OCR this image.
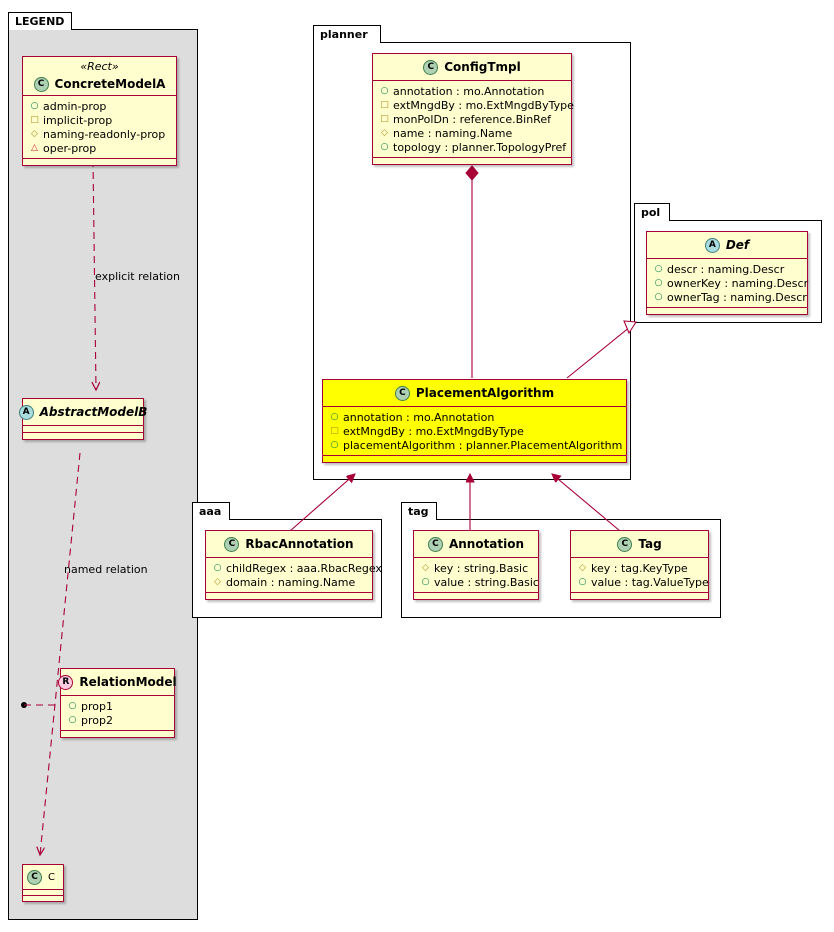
LEGEND
planner
pol
aaa	tag
explicit relation
named relation
«Rect»
C ConcreteModelA
○
admin-prop
□
implicit-prop
◇
naming-readonly-prop
△
oper-prop
A AbstractModelB
R RelationModel
○
prop1
○
prop2
C	C
C ConfigTmpl
○
annotation : mo.Annotation
□
extMngdBy : mo.ExtMngdByType
□
monPolDn : reference.BinRef
◇
name : naming.Name
○
topology : planner.TopologyPref
C PlacementAlgorithm
○
annotation : mo.Annotation
□
extMngdBy : mo.ExtMngdByType
○
placementAlgorithm : planner.PlacementAlgorithm
A Def
○
descr : naming.Descr
○
ownerKey : naming.Descr
○
ownerTag : naming.Descr
C RbacAnnotation
○
childRegex : aaa.RbacRegex
◇
domain : naming.Name
C Annotation
◇
key : string.Basic
○
value : string.Basic
C Tag
◇
key : tag.KeyType
○
value : tag.ValueType
